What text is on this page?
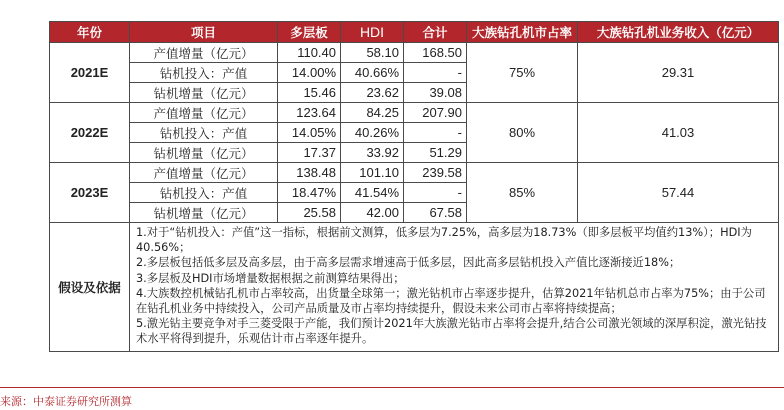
年份	项目	多层板	HDI	合计	大族钻孔机市占率	大族钻孔机业务收入（亿元）
2021E	产值增量（亿元）	110.40	58.10	168.50	75%	29.31
	钻机投入：产值	14.00%	40.66%	-		
	钻机增量（亿元）	15.46	23.62	39.08		
2022E	产值增量（亿元）	123.64	84.25	207.90	80%	41.03
	钻机投入：产值	14.05%	40.26%	-		
	钻机增量（亿元）	17.37	33.92	51.29		
2023E	产值增量（亿元）	138.48	101.10	239.58	85%	57.44
	钻机投入：产值	18.47%	41.54%	-		
	钻机增量（亿元）	25.58	42.00	67.58		
假设及依据	1.对于“钻机投入：产值”这一指标，根据前文测算，低多层为7.25%，高多层为18.73%（即多层板平均值约13%）；HDI为40.56%；

2.多层板包括低多层及高多层，由于高多层需求增速高于低多层，因此高多层钻机投入产值比逐渐接近18%；

3.多层板及HDI市场增量数据根据之前测算结果得出；

4.大族数控机械钻孔机市占率较高，出货量全球第一；激光钻机市占率逐步提升，估算2021年钻机总市占率为75%；由于公司在钻孔机业务中持续投入，公司产品质量及市占率均持续提升，假设未来公司市占率将持续提高；

5.激光钻主要竞争对手三菱受限于产能，我们预计2021年大族激光钻市占率将会提升,结合公司激光领域的深厚积淀，激光钻技术水平将得到提升，乐观估计市占率逐年提升。					

来源：中泰证券研究所测算
